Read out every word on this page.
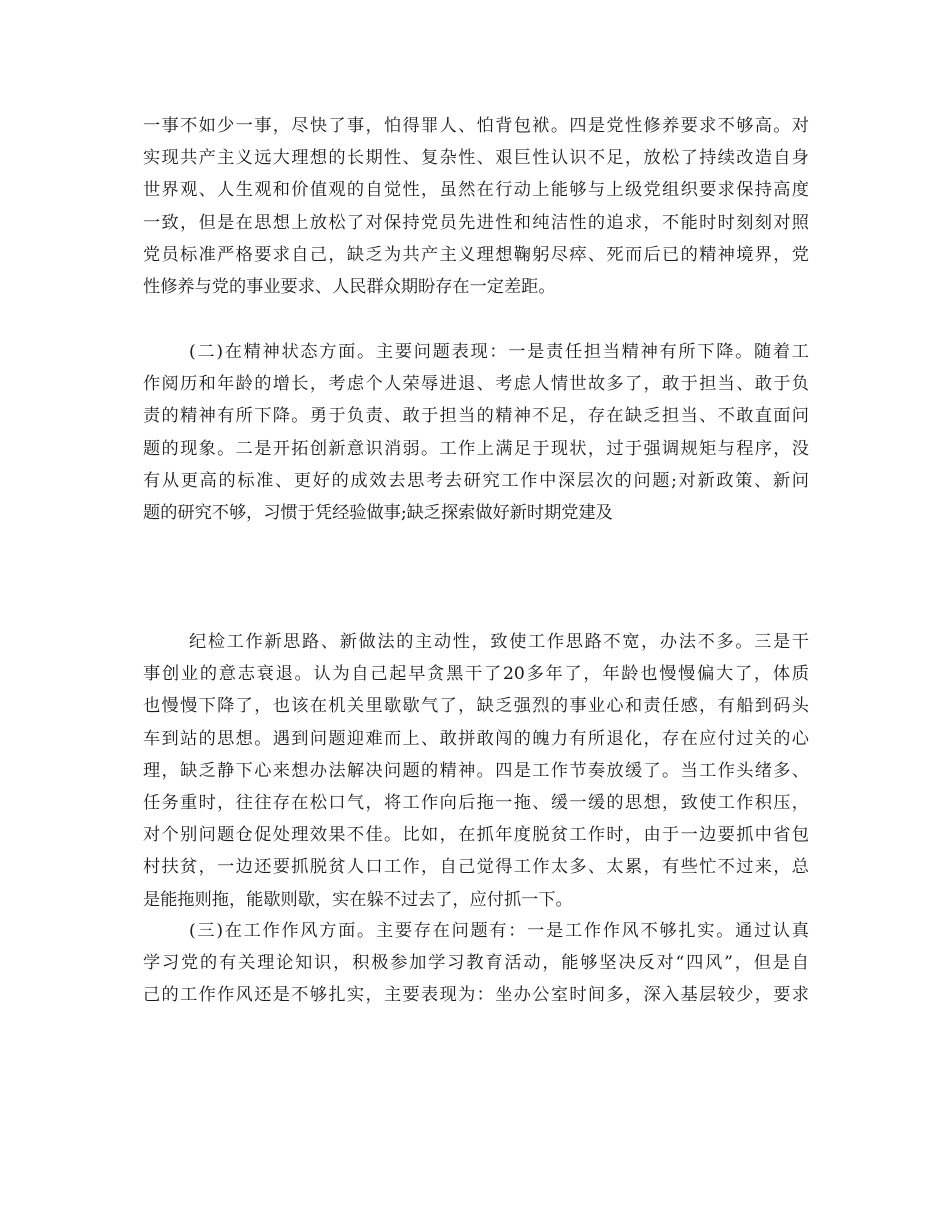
一事不如少一事，尽快了事，怕得罪人、怕背包袱。四是党性修养要求不够高。对
实现共产主义远大理想的长期性、复杂性、艰巨性认识不足，放松了持续改造自身
世界观、人生观和价值观的自觉性，虽然在行动上能够与上级党组织要求保持高度
一致，但是在思想上放松了对保持党员先进性和纯洁性的追求，不能时时刻刻对照
党员标准严格要求自己，缺乏为共产主义理想鞠躬尽瘁、死而后已的精神境界，党
性修养与党的事业要求、人民群众期盼存在一定差距。
(二)在精神状态方面。主要问题表现：一是责任担当精神有所下降。随着工
作阅历和年龄的增长，考虑个人荣辱进退、考虑人情世故多了，敢于担当、敢于负
责的精神有所下降。勇于负责、敢于担当的精神不足，存在缺乏担当、不敢直面问
题的现象。二是开拓创新意识消弱。工作上满足于现状，过于强调规矩与程序，没
有从更高的标准、更好的成效去思考去研究工作中深层次的问题;对新政策、新问
题的研究不够，习惯于凭经验做事;缺乏探索做好新时期党建及
纪检工作新思路、新做法的主动性，致使工作思路不宽，办法不多。三是干
事创业的意志衰退。认为自己起早贪黑干了20多年了，年龄也慢慢偏大了，体质
也慢慢下降了，也该在机关里歇歇气了，缺乏强烈的事业心和责任感，有船到码头
车到站的思想。遇到问题迎难而上、敢拼敢闯的魄力有所退化，存在应付过关的心
理，缺乏静下心来想办法解决问题的精神。四是工作节奏放缓了。当工作头绪多、
任务重时，往往存在松口气，将工作向后拖一拖、缓一缓的思想，致使工作积压，
对个别问题仓促处理效果不佳。比如，在抓年度脱贫工作时，由于一边要抓中省包
村扶贫，一边还要抓脱贫人口工作，自己觉得工作太多、太累，有些忙不过来，总
是能拖则拖，能歇则歇，实在躲不过去了，应付抓一下。
(三)在工作作风方面。主要存在问题有：一是工作作风不够扎实。通过认真
学习党的有关理论知识，积极参加学习教育活动，能够坚决反对“四风”，但是自
己的工作作风还是不够扎实，主要表现为：坐办公室时间多，深入基层较少，要求
